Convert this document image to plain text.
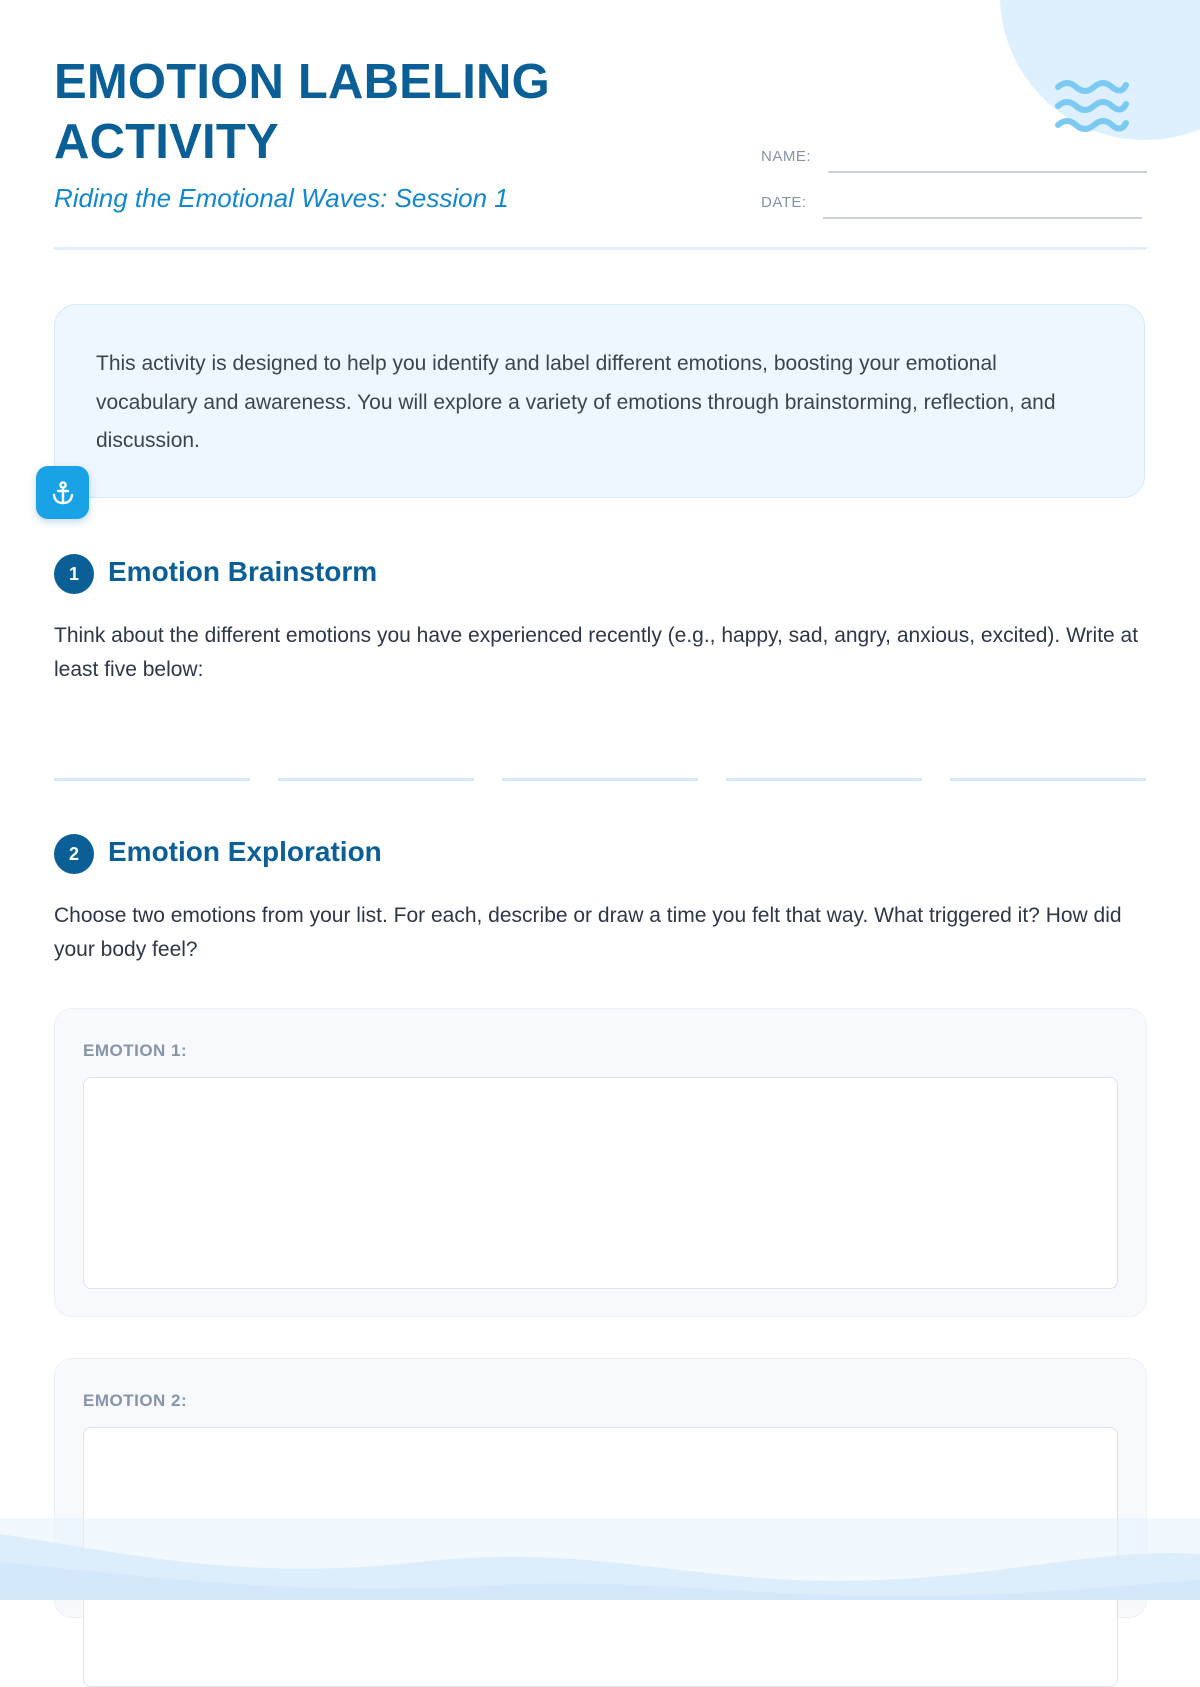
EMOTION LABELING
ACTIVITY

Riding the Emotional Waves: Session 1

NAME:
DATE:

This activity is designed to help you identify and label different emotions, boosting your emotional vocabulary and awareness. You will explore a variety of emotions through brainstorming, reflection, and discussion.

1	Emotion Brainstorm

Think about the different emotions you have experienced recently (e.g., happy, sad, angry, anxious, excited). Write at least five below:

2	Emotion Exploration

Choose two emotions from your list. For each, describe or draw a time you felt that way. What triggered it? How did your body feel?

EMOTION 1:
EMOTION 2:
